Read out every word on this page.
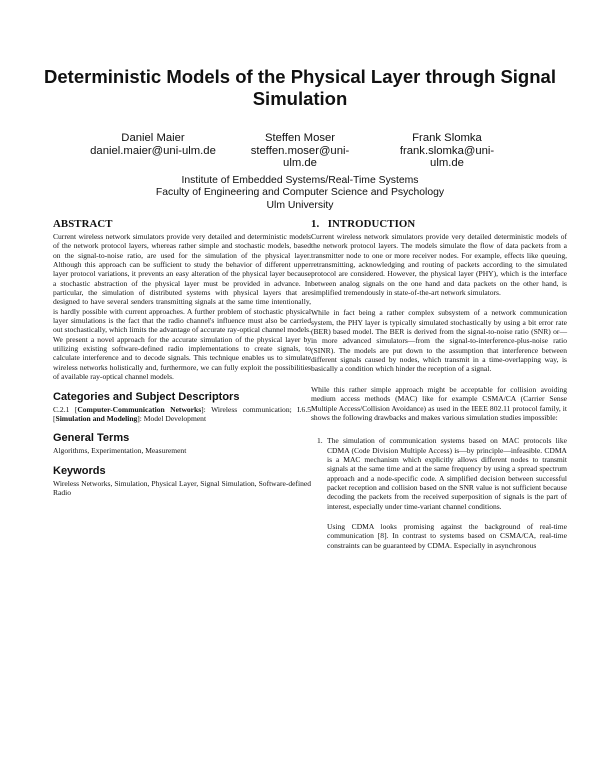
Deterministic Models of the Physical Layer through Signal Simulation
Daniel Maier
daniel.maier@uni-ulm.de
Steffen Moser
steffen.moser@uni-
ulm.de
Frank Slomka
frank.slomka@uni-
ulm.de
Institute of Embedded Systems/Real-Time Systems
Faculty of Engineering and Computer Science and Psychology
Ulm University
ABSTRACT

Current wireless network simulators provide very detailed and deterministic models of the network protocol layers, whereas rather simple and stochastic models, based on the signal-to-noise ratio, are used for the simulation of the physical layer. Although this approach can be sufficient to study the behavior of different upper layer protocol variations, it prevents an easy alteration of the physical layer because a stochastic abstraction of the physical layer must be provided in advance. In particular, the simulation of distributed systems with physical layers that are designed to have several senders transmitting signals at the same time intentionally, is hardly possible with current approaches. A further problem of stochastic physical layer simulations is the fact that the radio channel's influence must also be carried out stochastically, which limits the advantage of accurate ray-optical channel models. We present a novel approach for the accurate simulation of the physical layer by utilizing existing software-defined radio implementations to create signals, to calculate interference and to decode signals. This technique enables us to simulate wireless networks holistically and, furthermore, we can fully exploit the possibilities of available ray-optical channel models.

Categories and Subject Descriptors

C.2.1 [Computer-Communication Networks]: Wireless communication; I.6.5 [Simulation and Modeling]: Model Development

General Terms

Algorithms, Experimentation, Measurement

Keywords

Wireless Networks, Simulation, Physical Layer, Signal Simulation, Software-defined Radio

1.   INTRODUCTION

Current wireless network simulators provide very detailed deterministic models of the network protocol layers. The models simulate the flow of data packets from a transmitter node to one or more receiver nodes. For example, effects like queuing, retransmitting, acknowledging and routing of packets according to the simulated protocol are considered. However, the physical layer (PHY), which is the interface between analog signals on the one hand and data packets on the other hand, is simplified tremendously in state-of-the-art network simulators.

While in fact being a rather complex subsystem of a network communication system, the PHY layer is typically simulated stochastically by using a bit error rate (BER) based model. The BER is derived from the signal-to-noise ratio (SNR) or—in more advanced simulators—from the signal-to-interference-plus-noise ratio (SINR). The models are put down to the assumption that interference between different signals caused by nodes, which transmit in a time-overlapping way, is basically a condition which hinder the reception of a signal.

While this rather simple approach might be acceptable for collision avoiding medium access methods (MAC) like for example CSMA/CA (Carrier Sense Multiple Access/Collision Avoidance) as used in the IEEE 802.11 protocol family, it shows the following drawbacks and makes various simulation studies impossible:

1. The simulation of communication systems based on MAC protocols like CDMA (Code Division Multiple Access) is—by principle—infeasible. CDMA is a MAC mechanism which explicitly allows different nodes to transmit signals at the same time and at the same frequency by using a spread spectrum approach and a node-specific code. A simplified decision between successful packet reception and collision based on the SNR value is not sufficient because decoding the packets from the received superposition of signals is the part of interest, especially under time-variant channel conditions.

Using CDMA looks promising against the background of real-time communication [8]. In contrast to systems based on CSMA/CA, real-time constraints can be guaranteed by CDMA. Especially in asynchronous
